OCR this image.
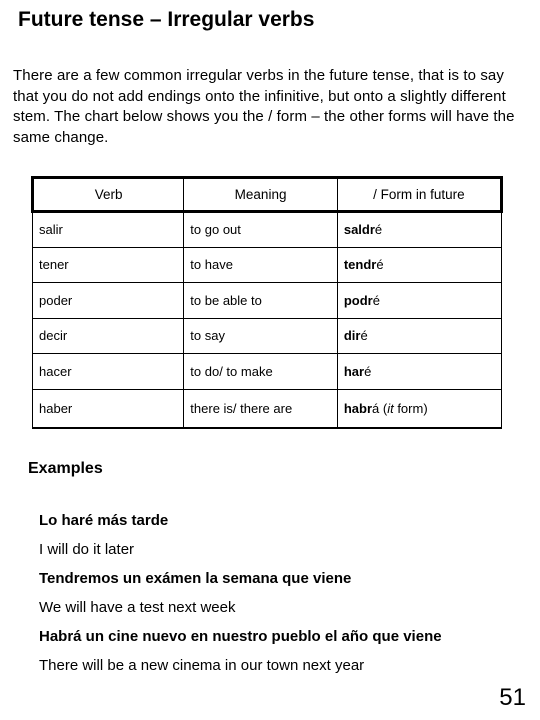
Future tense – Irregular verbs
There are a few common irregular verbs in the future tense, that is to say that you do not add endings onto the infinitive, but onto a slightly different stem. The chart below shows you the / form – the other forms will have the same change.
Verb	Meaning	/ Form in future
salir	to go out	saldré
tener	to have	tendré
poder	to be able to	podré
decir	to say	diré
hacer	to do/ to make	haré
haber	there is/ there are	habrá (it form)
Examples
Lo haré más tarde
I will do it later
Tendremos un exámen la semana que viene
We will have a test next week
Habrá un cine nuevo en nuestro pueblo el año que viene
There will be a new cinema in our town next year
51
